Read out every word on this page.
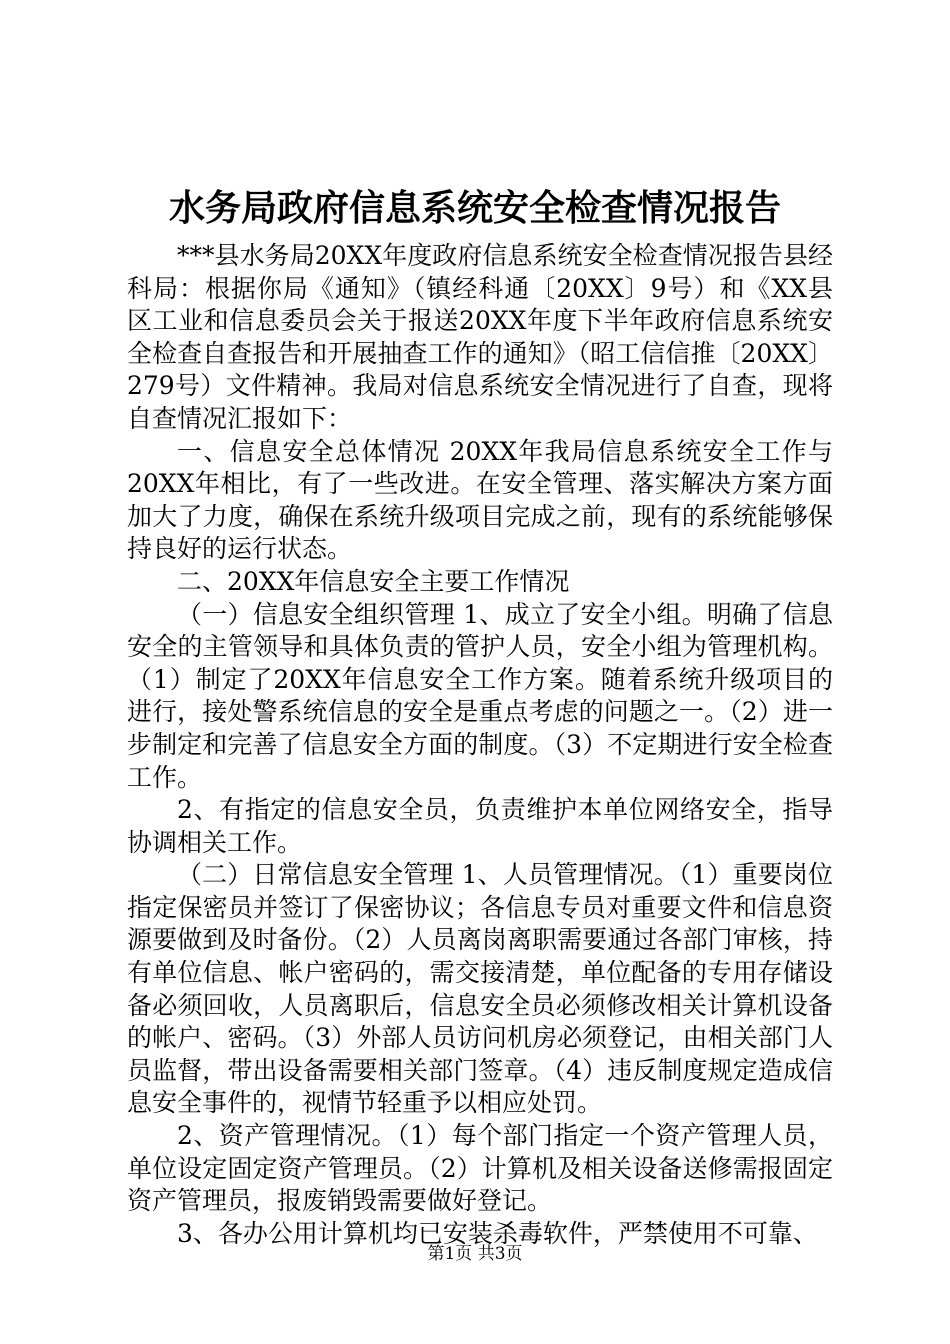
水务局政府信息系统安全检查情况报告

***县水务局20XX年度政府信息系统安全检查情况报告县经科局：根据你局《通知》（镇经科通〔20XX〕9号）和《XX县区工业和信息委员会关于报送20XX年度下半年政府信息系统安全检查自查报告和开展抽查工作的通知》（昭工信信推〔20XX〕279号）文件精神。我局对信息系统安全情况进行了自查，现将自查情况汇报如下：

一、信息安全总体情况 20XX年我局信息系统安全工作与20XX年相比，有了一些改进。在安全管理、落实解决方案方面加大了力度，确保在系统升级项目完成之前，现有的系统能够保持良好的运行状态。

二、20XX年信息安全主要工作情况

（一）信息安全组织管理 1、成立了安全小组。明确了信息安全的主管领导和具体负责的管护人员，安全小组为管理机构。（1）制定了20XX年信息安全工作方案。随着系统升级项目的进行，接处警系统信息的安全是重点考虑的问题之一。（2）进一步制定和完善了信息安全方面的制度。（3）不定期进行安全检查工作。

2、有指定的信息安全员，负责维护本单位网络安全，指导协调相关工作。

（二）日常信息安全管理 1、人员管理情况。（1）重要岗位指定保密员并签订了保密协议；各信息专员对重要文件和信息资源要做到及时备份。（2）人员离岗离职需要通过各部门审核，持有单位信息、帐户密码的，需交接清楚，单位配备的专用存储设备必须回收，人员离职后，信息安全员必须修改相关计算机设备的帐户、密码。（3）外部人员访问机房必须登记，由相关部门人员监督，带出设备需要相关部门签章。（4）违反制度规定造成信息安全事件的，视情节轻重予以相应处罚。

2、资产管理情况。（1）每个部门指定一个资产管理人员，单位设定固定资产管理员。（2）计算机及相关设备送修需报固定资产管理员，报废销毁需要做好登记。

3、各办公用计算机均已安装杀毒软件，严禁使用不可靠、

第1页 共3页
